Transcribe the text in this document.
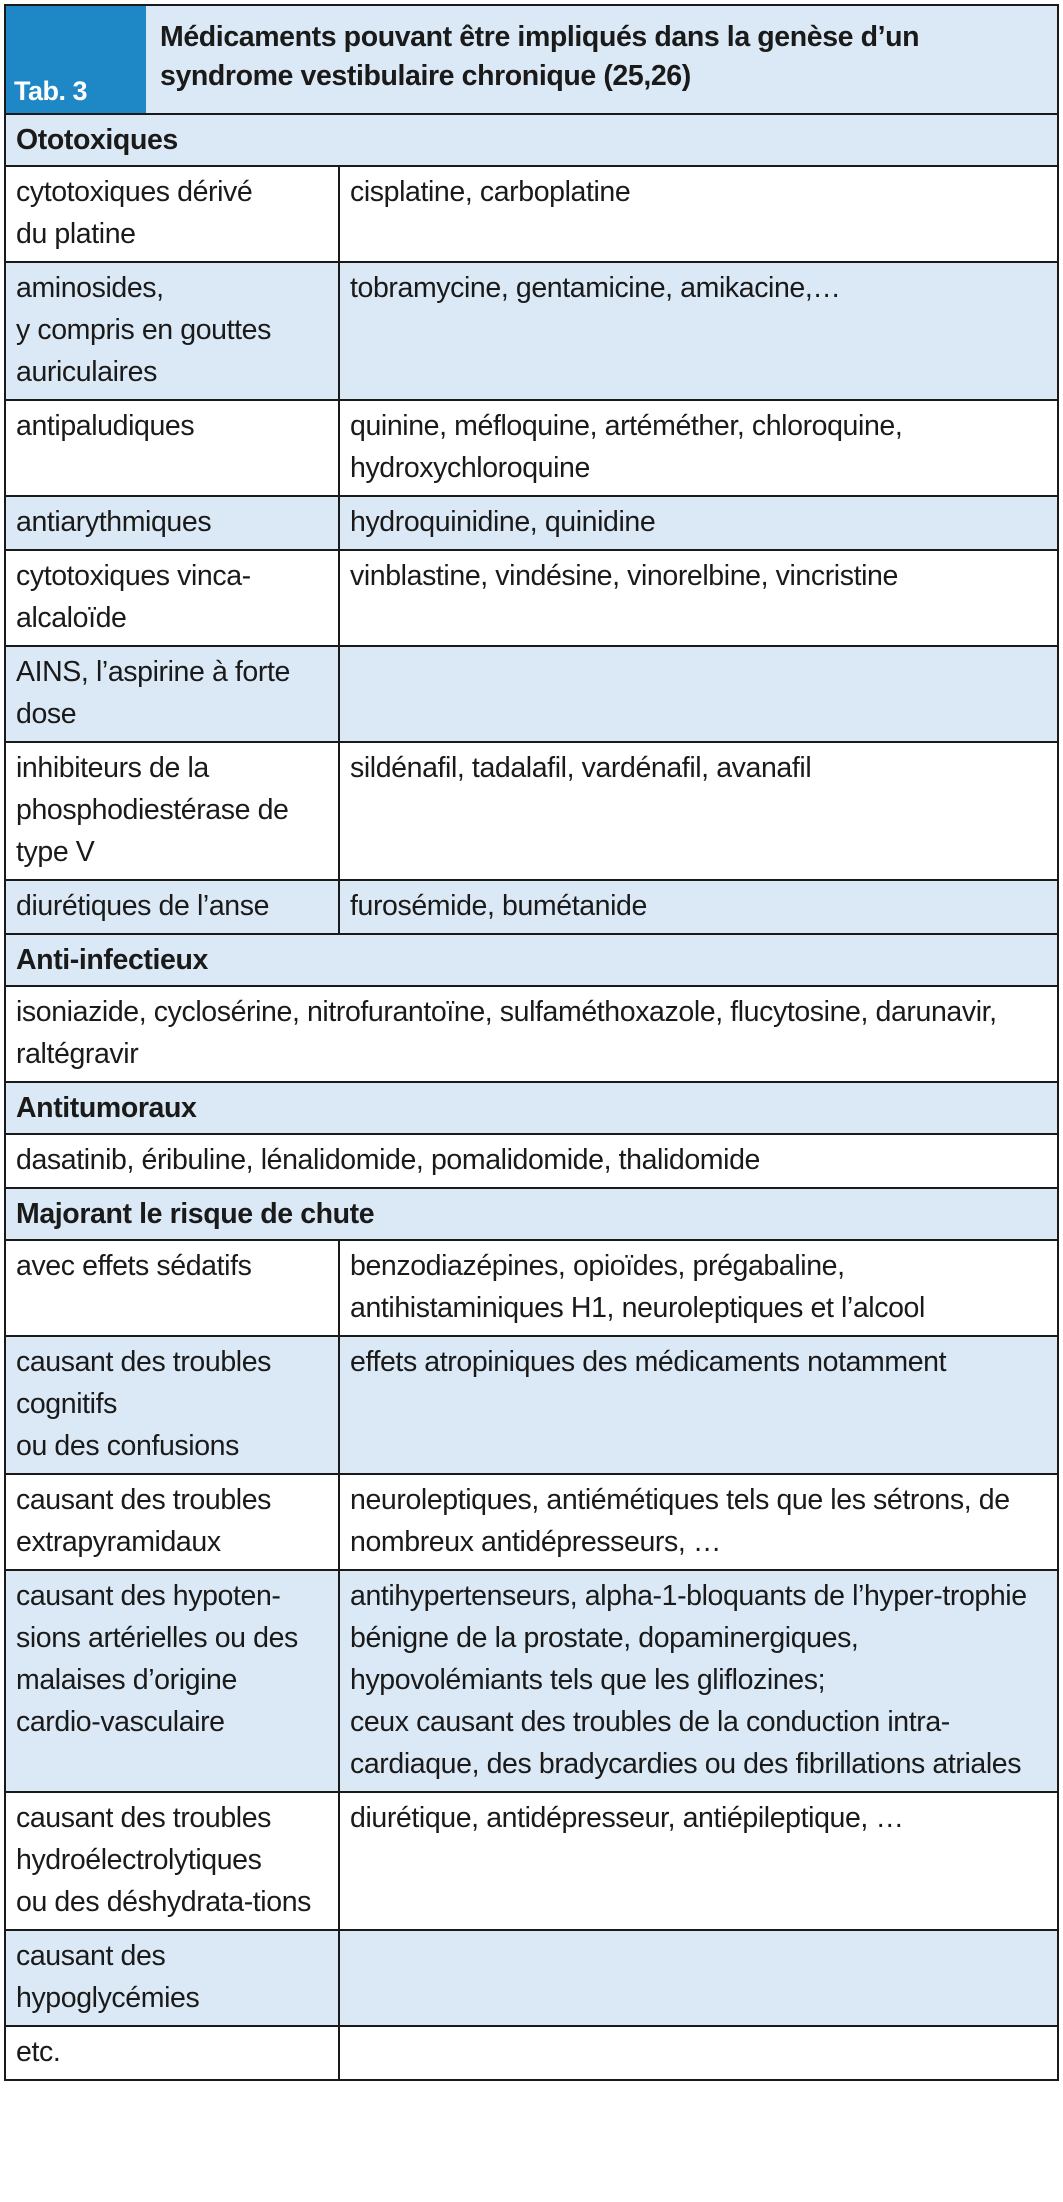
Tab. 3
Médicaments pouvant être impliqués dans la genèse d’un syndrome vestibulaire chronique (25,26)
Ototoxiques	
cytotoxiques dérivé
du platine	cisplatine, carboplatine
aminosides,
y compris en gouttes auriculaires	tobramycine, gentamicine, amikacine,…
antipaludiques	quinine, méfloquine, artéméther, chloroquine, hydroxychloroquine
antiarythmiques	hydroquinidine, quinidine
cytotoxiques vinca-alcaloïde	vinblastine, vindésine, vinorelbine, vincristine
AINS, l’aspirine à forte dose	
inhibiteurs de la phosphodiestérase de type V	sildénafil, tadalafil, vardénafil, avanafil
diurétiques de l’anse	furosémide, bumétanide
Anti-infectieux	
isoniazide, cyclosérine, nitrofurantoïne, sulfaméthoxazole, flucytosine, darunavir, raltégravir	
Antitumoraux	
dasatinib, éribuline, lénalidomide, pomalidomide, thalidomide	
Majorant le risque de chute	
avec effets sédatifs	benzodiazépines, opioïdes, prégabaline, antihistaminiques H1, neuroleptiques et l’alcool
causant des troubles cognitifs
ou des confusions	effets atropiniques des médicaments notamment
causant des troubles extrapyramidaux	neuroleptiques, antiémétiques tels que les sétrons, de nombreux antidépresseurs, …
causant des hypoten-sions artérielles ou des malaises d’origine cardio-vasculaire	antihypertenseurs, alpha-1-bloquants de l’hyper-trophie bénigne de la prostate, dopaminergiques, hypovolémiants tels que les gliflozines;
ceux causant des troubles de la conduction intra-cardiaque, des bradycardies ou des fibrillations atriales
causant des troubles hydroélectrolytiques
ou des déshydrata-tions	diurétique, antidépresseur, antiépileptique, …
causant des hypoglycémies	
etc.	
